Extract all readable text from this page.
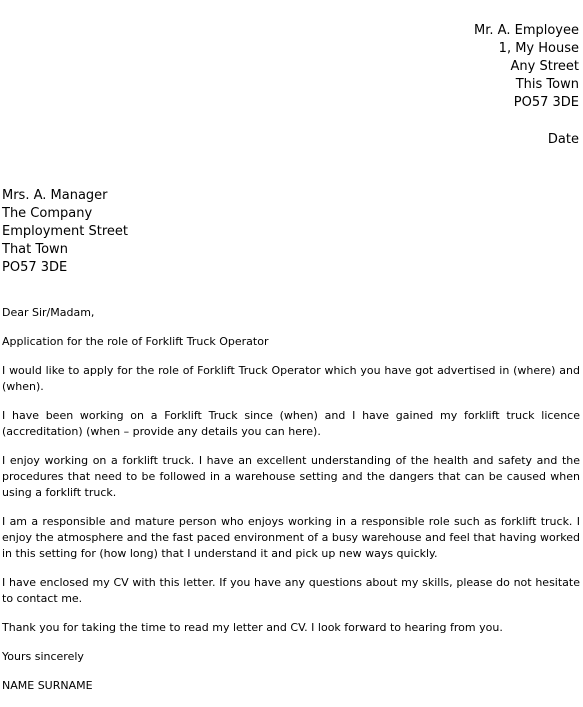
Mr. A. Employee
1, My House
Any Street
This Town
PO57 3DE
Date
Mrs. A. Manager
The Company
Employment Street
That Town
PO57 3DE

Dear Sir/Madam,

Application for the role of Forklift Truck Operator

I would like to apply for the role of Forklift Truck Operator which you have got advertised in (where) and (when).

I have been working on a Forklift Truck since (when) and I have gained my forklift truck licence (accreditation) (when – provide any details you can here).

I enjoy working on a forklift truck. I have an excellent understanding of the health and safety and the procedures that need to be followed in a warehouse setting and the dangers that can be caused when using a forklift truck.

I am a responsible and mature person who enjoys working in a responsible role such as forklift truck. I enjoy the atmosphere and the fast paced environment of a busy warehouse and feel that having worked in this setting for (how long) that I understand it and pick up new ways quickly.

I have enclosed my CV with this letter. If you have any questions about my skills, please do not hesitate to contact me.

Thank you for taking the time to read my letter and CV. I look forward to hearing from you.

Yours sincerely

NAME SURNAME
